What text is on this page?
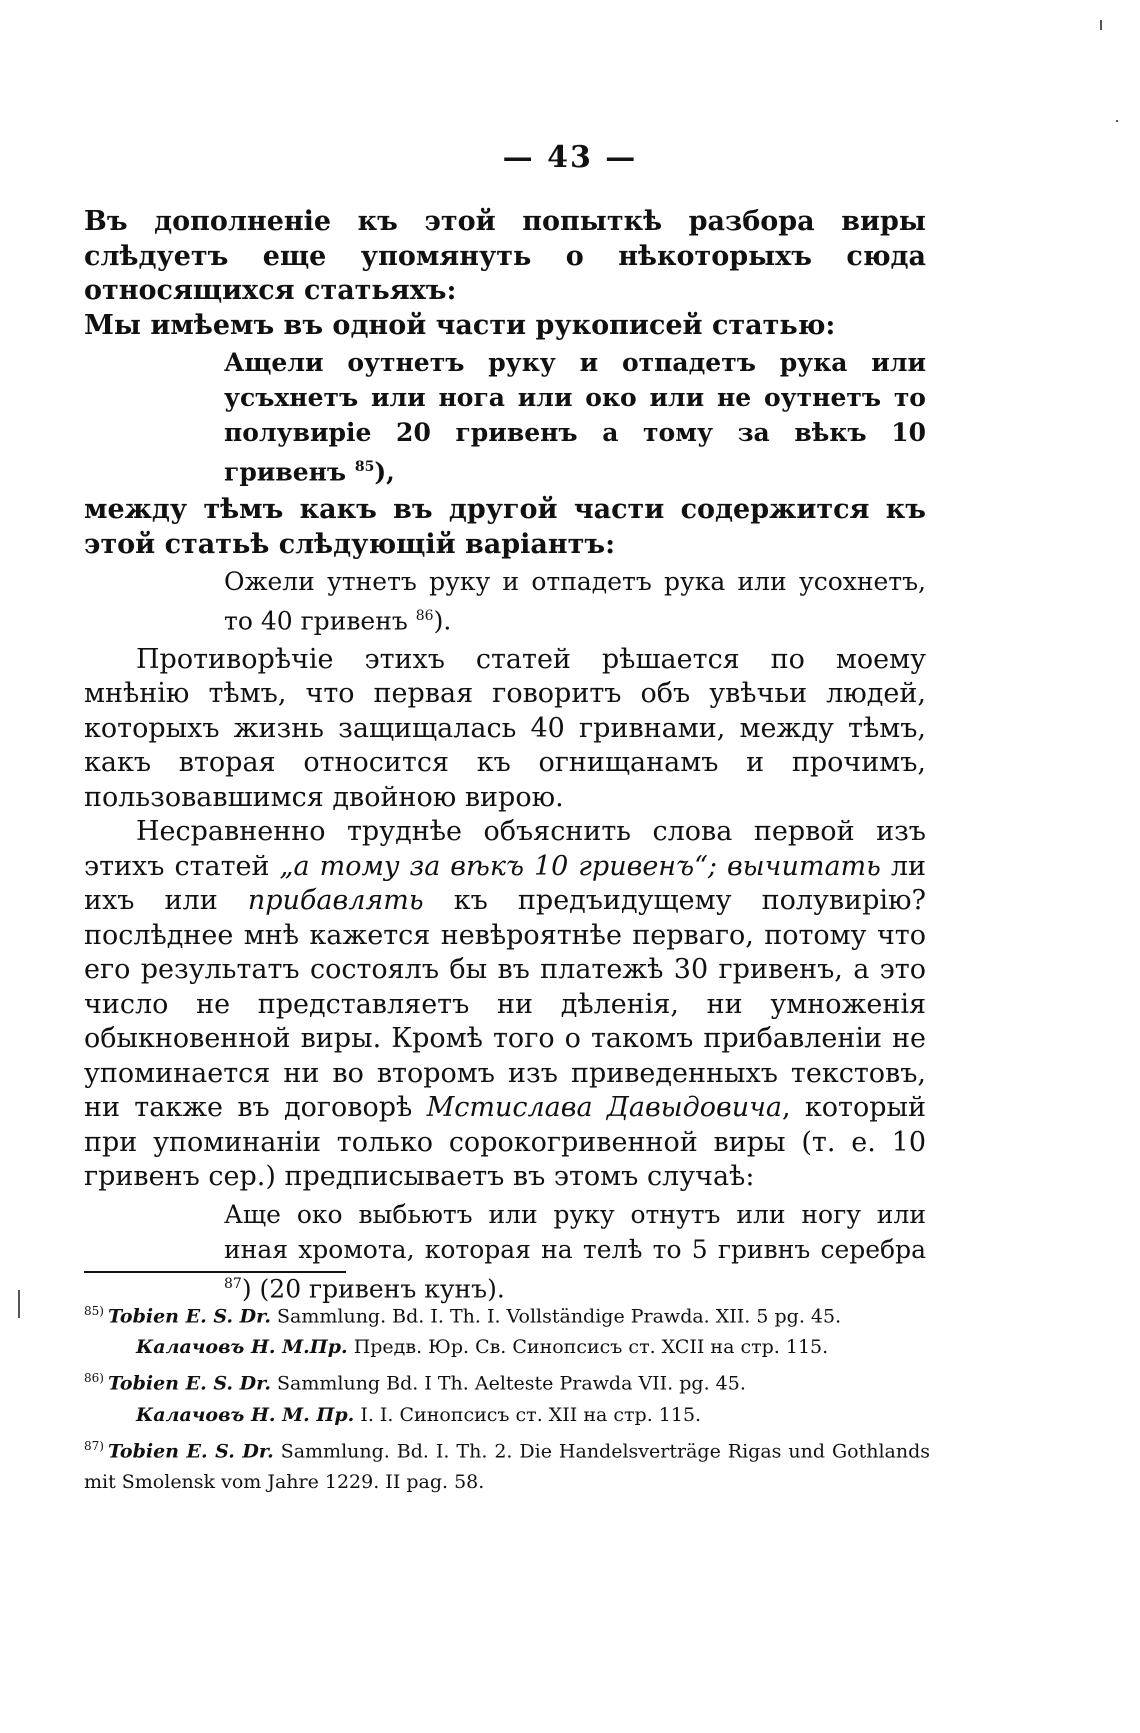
— 43 —

Въ дополненіе къ этой попыткѣ разбора виры слѣдуетъ еще упомянуть о нѣкоторыхъ сюда относящихся статьяхъ:

Мы имѣемъ въ одной части рукописей статью:

Ащели оутнетъ руку и отпадетъ рука или усъхнетъ или нога или око или не оутнетъ то полувиріе 20 гривенъ а тому за вѣкъ 10 гривенъ $^{85}$),

между тѣмъ какъ въ другой части содержится къ этой статьѣ слѣдующій варіантъ:

Ожели утнетъ руку и отпадетъ рука или усохнетъ, то 40 гривенъ $^{86}$).

Противорѣчіе этихъ статей рѣшается по моему мнѣнію тѣмъ, что первая говоритъ объ увѣчьи людей, которыхъ жизнь защищалась 40 гривнами, между тѣмъ, какъ вторая относится къ огнищанамъ и прочимъ, пользовавшимся двойною вирою.

Несравненно труднѣе объяснить слова первой изъ этихъ статей „а тому за вѣкъ 10 гривенъ“; вычитать ли ихъ или прибавлять къ предъидущему полувирію? послѣднее мнѣ кажется невѣроятнѣе перваго, потому что его результатъ состоялъ бы въ платежѣ 30 гривенъ, а это число не представляетъ ни дѣленія, ни умноженія обыкновенной виры. Кромѣ того о такомъ прибавленіи не упоминается ни во второмъ изъ приведенныхъ текстовъ, ни также въ договорѣ Мстислава Давыдовича, который при упоминаніи только сорокогривенной виры (т. е. 10 гривенъ сер.) предписываетъ въ этомъ случаѣ:

Аще око выбьютъ или руку отнутъ или ногу или иная хромота, которая на телѣ то 5 гривнъ серебра $^{87}$) (20 гривенъ кунъ).

$^{85)}$ Tobien E. S. Dr. Sammlung. Bd. I. Th. I. Vollständige Prawda. XII. 5 pg. 45.

Калачовъ Н. М.Пр. Предв. Юр. Св. Синопсисъ ст. XCII на стр. 115.

$^{86)}$ Tobien E. S. Dr. Sammlung Bd. I Th. Aelteste Prawda VII. pg. 45.

Калачовъ Н. М. Пр. I. I. Синопсисъ ст. XII на стр. 115.

$^{87)}$ Tobien E. S. Dr. Sammlung. Bd. I. Th. 2. Die Handelsverträge Rigas und Gothlands mit Smolensk vom Jahre 1229. II pag. 58.
